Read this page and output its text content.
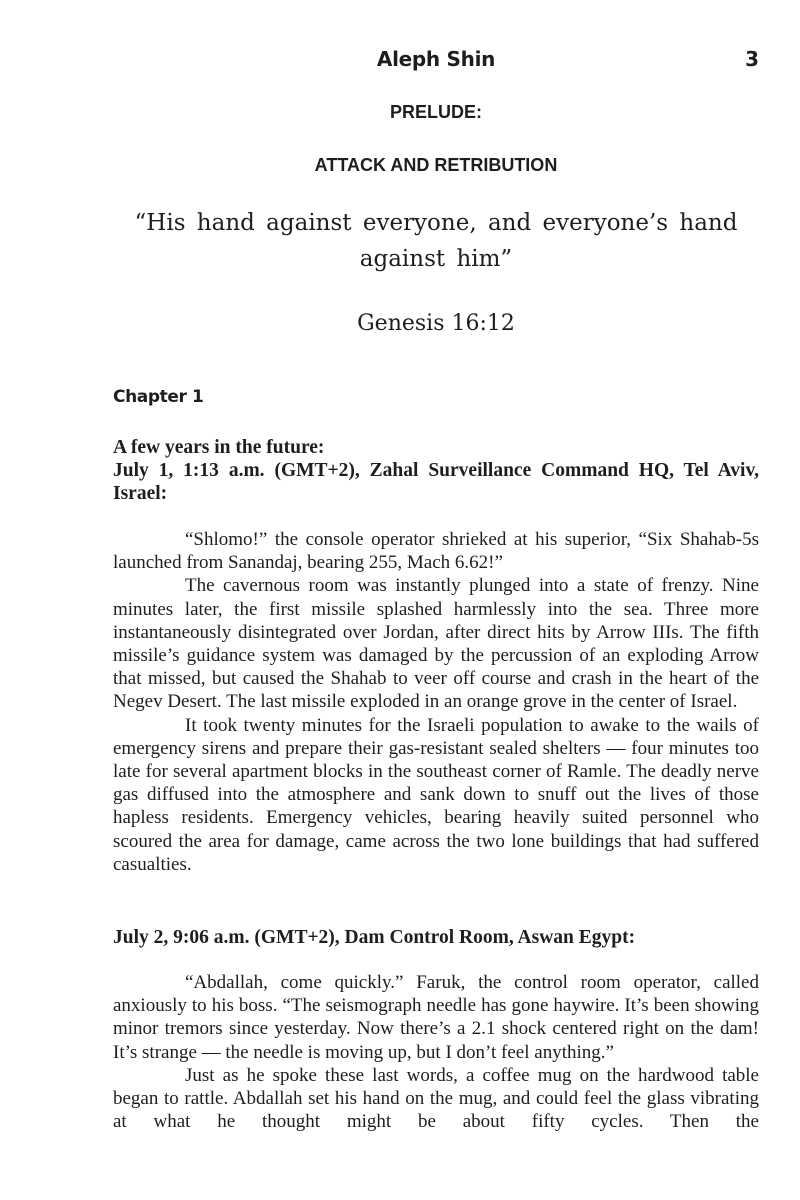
Aleph Shin	3
PRELUDE:
ATTACK AND RETRIBUTION
“His hand against everyone, and everyone’s hand against him”
Genesis 16:12
Chapter 1
A few years in the future:
July 1, 1:13 a.m. (GMT+2), Zahal Surveillance Command HQ, Tel Aviv, Israel:

“Shlomo!” the console operator shrieked at his superior, “Six Shahab-5s launched from Sanandaj, bearing 255, Mach 6.62!”

The cavernous room was instantly plunged into a state of frenzy. Nine minutes later, the first missile splashed harmlessly into the sea. Three more instantaneously disintegrated over Jordan, after direct hits by Arrow IIIs. The fifth missile’s guidance system was damaged by the percussion of an exploding Arrow that missed, but caused the Shahab to veer off course and crash in the heart of the Negev Desert. The last missile exploded in an orange grove in the center of Israel.

It took twenty minutes for the Israeli population to awake to the wails of emergency sirens and prepare their gas-resistant sealed shelters — four minutes too late for several apartment blocks in the southeast corner of Ramle. The deadly nerve gas diffused into the atmosphere and sank down to snuff out the lives of those hapless residents. Emergency vehicles, bearing heavily suited personnel who scoured the area for damage, came across the two lone buildings that had suffered casualties.

July 2, 9:06 a.m. (GMT+2), Dam Control Room, Aswan Egypt:

“Abdallah, come quickly.” Faruk, the control room operator, called anxiously to his boss. “The seismograph needle has gone haywire. It’s been showing minor tremors since yesterday. Now there’s a 2.1 shock centered right on the dam! It’s strange — the needle is moving up, but I don’t feel anything.”

Just as he spoke these last words, a coffee mug on the hardwood table began to rattle. Abdallah set his hand on the mug, and could feel the glass vibrating at what he thought might be about fifty cycles. Then the
